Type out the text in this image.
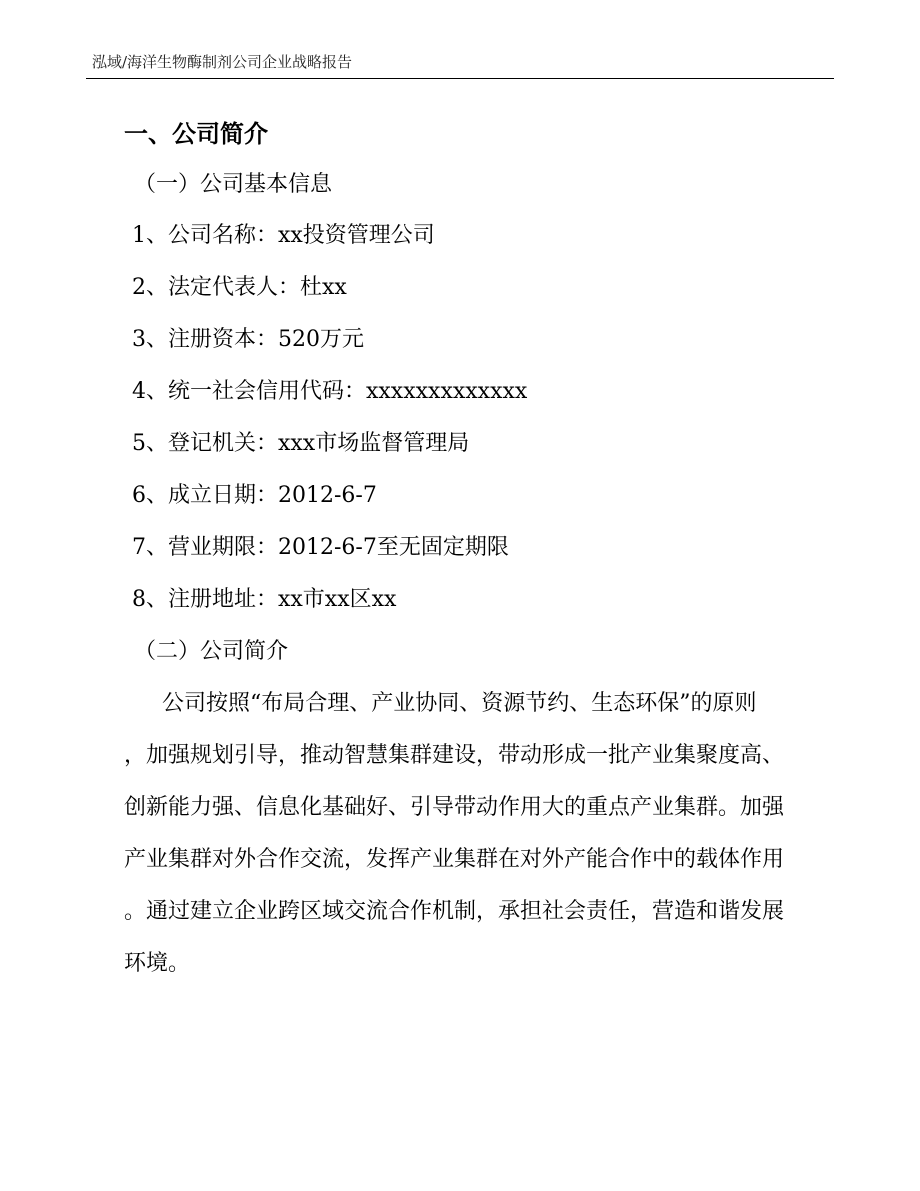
泓域/海洋生物酶制剂公司企业战略报告
一、公司简介
（一）公司基本信息
1、公司名称：xx投资管理公司
2、法定代表人：杜xx
3、注册资本：520万元
4、统一社会信用代码：xxxxxxxxxxxxx
5、登记机关：xxx市场监督管理局
6、成立日期：2012-6-7
7、营业期限：2012-6-7至无固定期限
8、注册地址：xx市xx区xx
（二）公司简介
公司按照“布局合理、产业协同、资源节约、生态环保”的原则
，加强规划引导，推动智慧集群建设，带动形成一批产业集聚度高、
创新能力强、信息化基础好、引导带动作用大的重点产业集群。加强
产业集群对外合作交流，发挥产业集群在对外产能合作中的载体作用
。通过建立企业跨区域交流合作机制，承担社会责任，营造和谐发展
环境。
